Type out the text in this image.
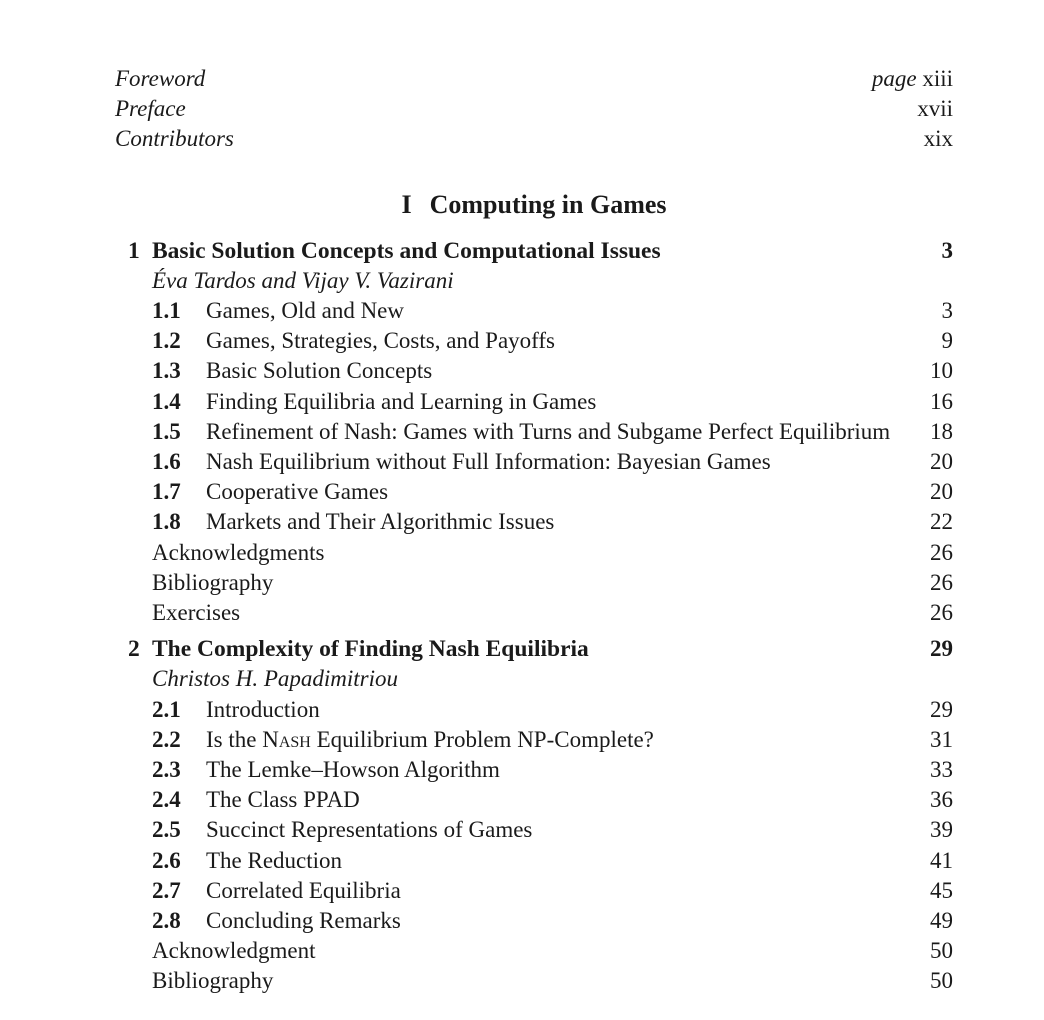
Foreword	page xiii
Preface	xvii
Contributors	xix
I Computing in Games
1 Basic Solution Concepts and Computational Issues	3
Éva Tardos and Vijay V. Vazirani
1.1 Games, Old and New	3
1.2 Games, Strategies, Costs, and Payoffs	9
1.3 Basic Solution Concepts	10
1.4 Finding Equilibria and Learning in Games	16
1.5 Refinement of Nash: Games with Turns and Subgame Perfect Equilibrium 18
1.6 Nash Equilibrium without Full Information: Bayesian Games	20
1.7 Cooperative Games	20
1.8 Markets and Their Algorithmic Issues	22
Acknowledgments	26
Bibliography	26
Exercises	26
2 The Complexity of Finding Nash Equilibria	29
Christos H. Papadimitriou
2.1 Introduction	29
2.2 Is the Nash Equilibrium Problem NP-Complete?	31
2.3 The Lemke–Howson Algorithm	33
2.4 The Class PPAD	36
2.5 Succinct Representations of Games	39
2.6 The Reduction	41
2.7 Correlated Equilibria	45
2.8 Concluding Remarks	49
Acknowledgment	50
Bibliography	50
